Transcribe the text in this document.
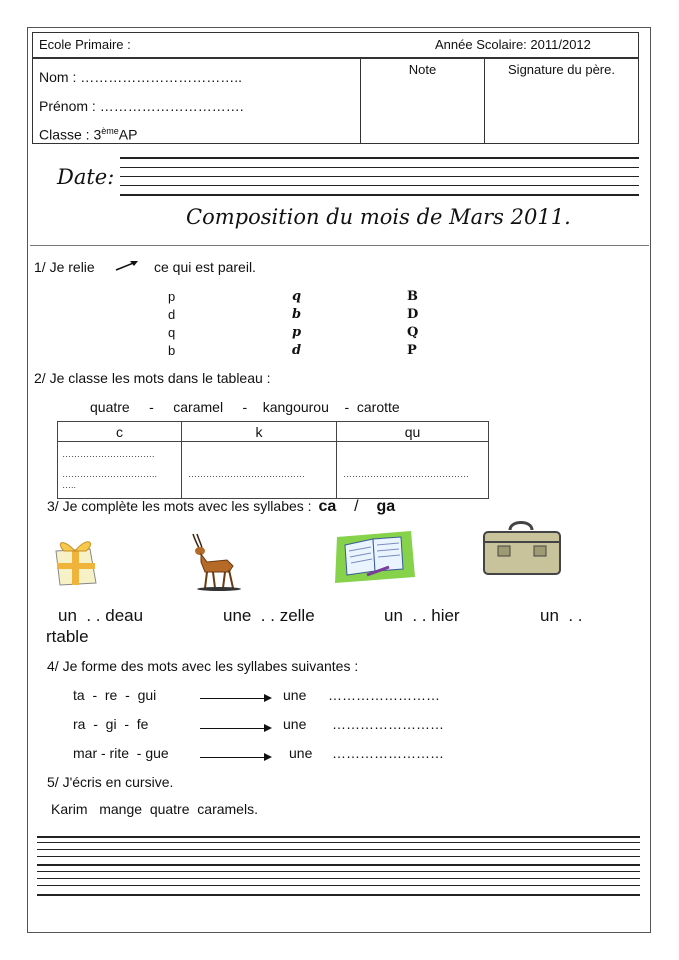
Ecole Primaire :	Année Scolaire: 2011/2012
Nom : ……………………………..
Prénom : ………………………….
Classe : 3èmeAP
Note	Signature du père.
Date:
Composition du mois de Mars 2011.
1/ Je relie	ce qui est pareil.
p
d
q
b
q
b
p
d
B
D
Q
P
2/ Je classe les mots dans le tableau :
quatre     -     caramel     -    kangourou    -  carotte
c	k	qu

………………………….
…………………………..
…..	…………………………………	……………………………………
3/ Je complète les mots avec les syllabes : ca / ga
un  . . deau	une  . . zelle	un  . . hier	un  . .
rtable
4/ Je forme des mots avec les syllabes suivantes :
ta  -  re  -  gui	une ……………………
ra  -  gi  -  fe	une ……………………
mar - rite  - gue	une ……………………
5/ J'écris en cursive.
Karim   mange  quatre  caramels.
